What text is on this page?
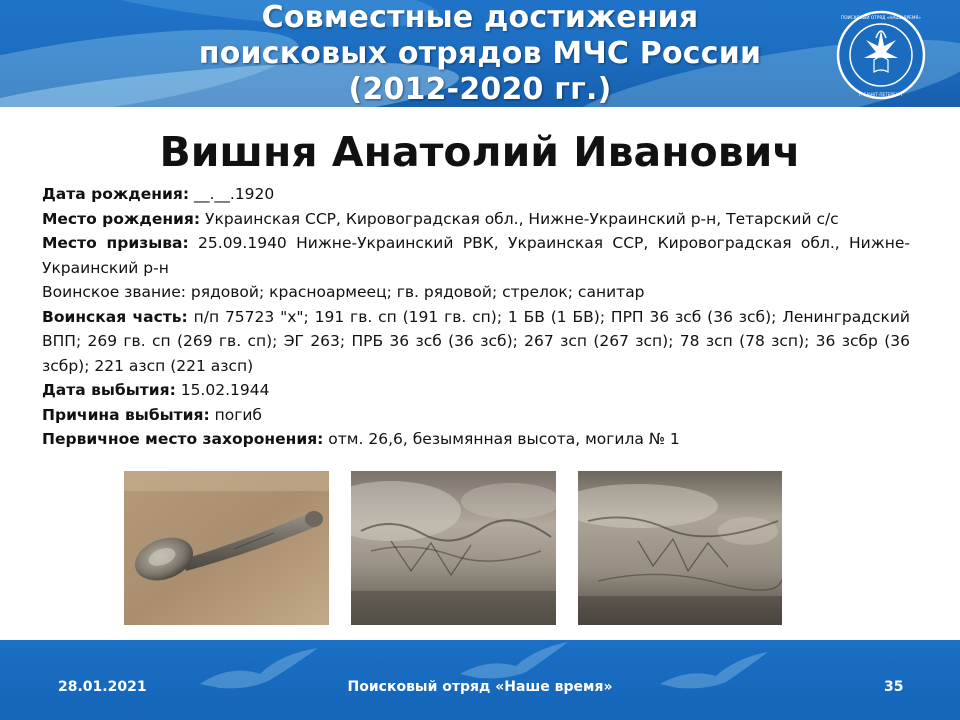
Совместные достижения
поисковых отрядов МЧС России
(2012-2020 гг.)
ПОИСКОВЫЙ ОТРЯД «НАШЕ ВРЕМЯ»
г. САНКТ-ПЕТЕРБУРГ
Вишня Анатолий Иванович

Дата рождения: __.__.1920

Место рождения: Украинская ССР, Кировоградская обл., Нижне-Украинский р-н, Тетарский с/с

Место призыва: 25.09.1940 Нижне-Украинский РВК, Украинская ССР, Кировоградская обл., Нижне-Украинский р-н

Воинское звание: рядовой; красноармеец; гв. рядовой; стрелок; санитар

Воинская часть: п/п 75723 "х"; 191 гв. сп (191 гв. сп); 1 БВ (1 БВ); ПРП 36 зсб (36 зсб); Ленинградский ВПП; 269 гв. сп (269 гв. сп); ЭГ 263; ПРБ 36 зсб (36 зсб); 267 зсп (267 зсп); 78 зсп (78 зсп); 36 зсбр (36 зсбр); 221 азсп (221 азсп)

Дата выбытия: 15.02.1944

Причина выбытия: погиб

Первичное место захоронения: отм. 26,6, безымянная высота, могила № 1

28.01.2021	Поисковый отряд «Наше время»	35
